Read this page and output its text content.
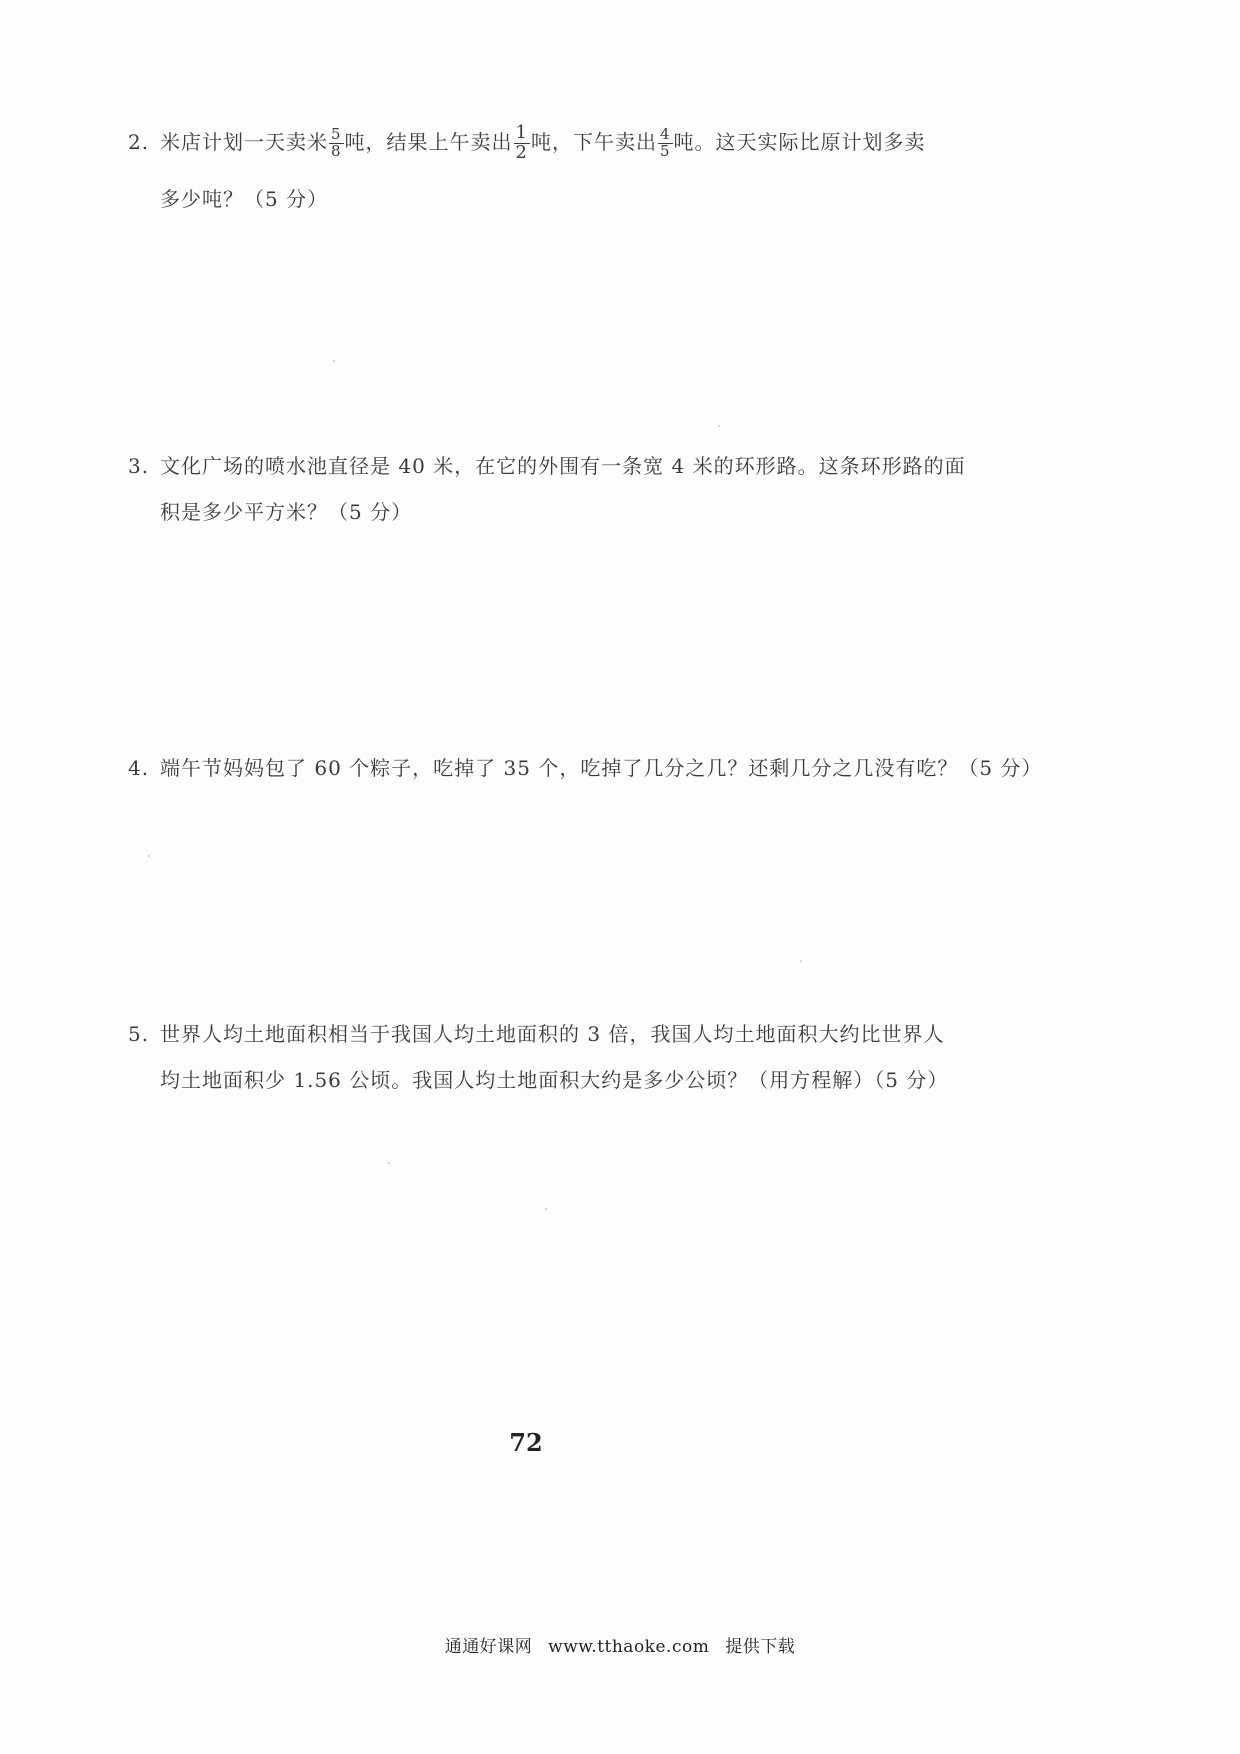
2. 米店计划一天卖米 $\frac{5}{8}$ 吨，结果上午卖出 $\frac{1}{2}$ 吨，下午卖出 $\frac{4}{5}$ 吨。这天实际比原计划多卖
多少吨？（5 分）
3. 文化广场的喷水池直径是 40 米，在它的外围有一条宽 4 米的环形路。这条环形路的面
积是多少平方米？（5 分）
4. 端午节妈妈包了 60 个粽子，吃掉了 35 个，吃掉了几分之几？还剩几分之几没有吃？（5 分）
5. 世界人均土地面积相当于我国人均土地面积的 3 倍，我国人均土地面积大约比世界人
均土地面积少 1.56 公顷。我国人均土地面积大约是多少公顷？（用方程解）（5 分）
72
通通好课网 www.tthaoke.com 提供下载
